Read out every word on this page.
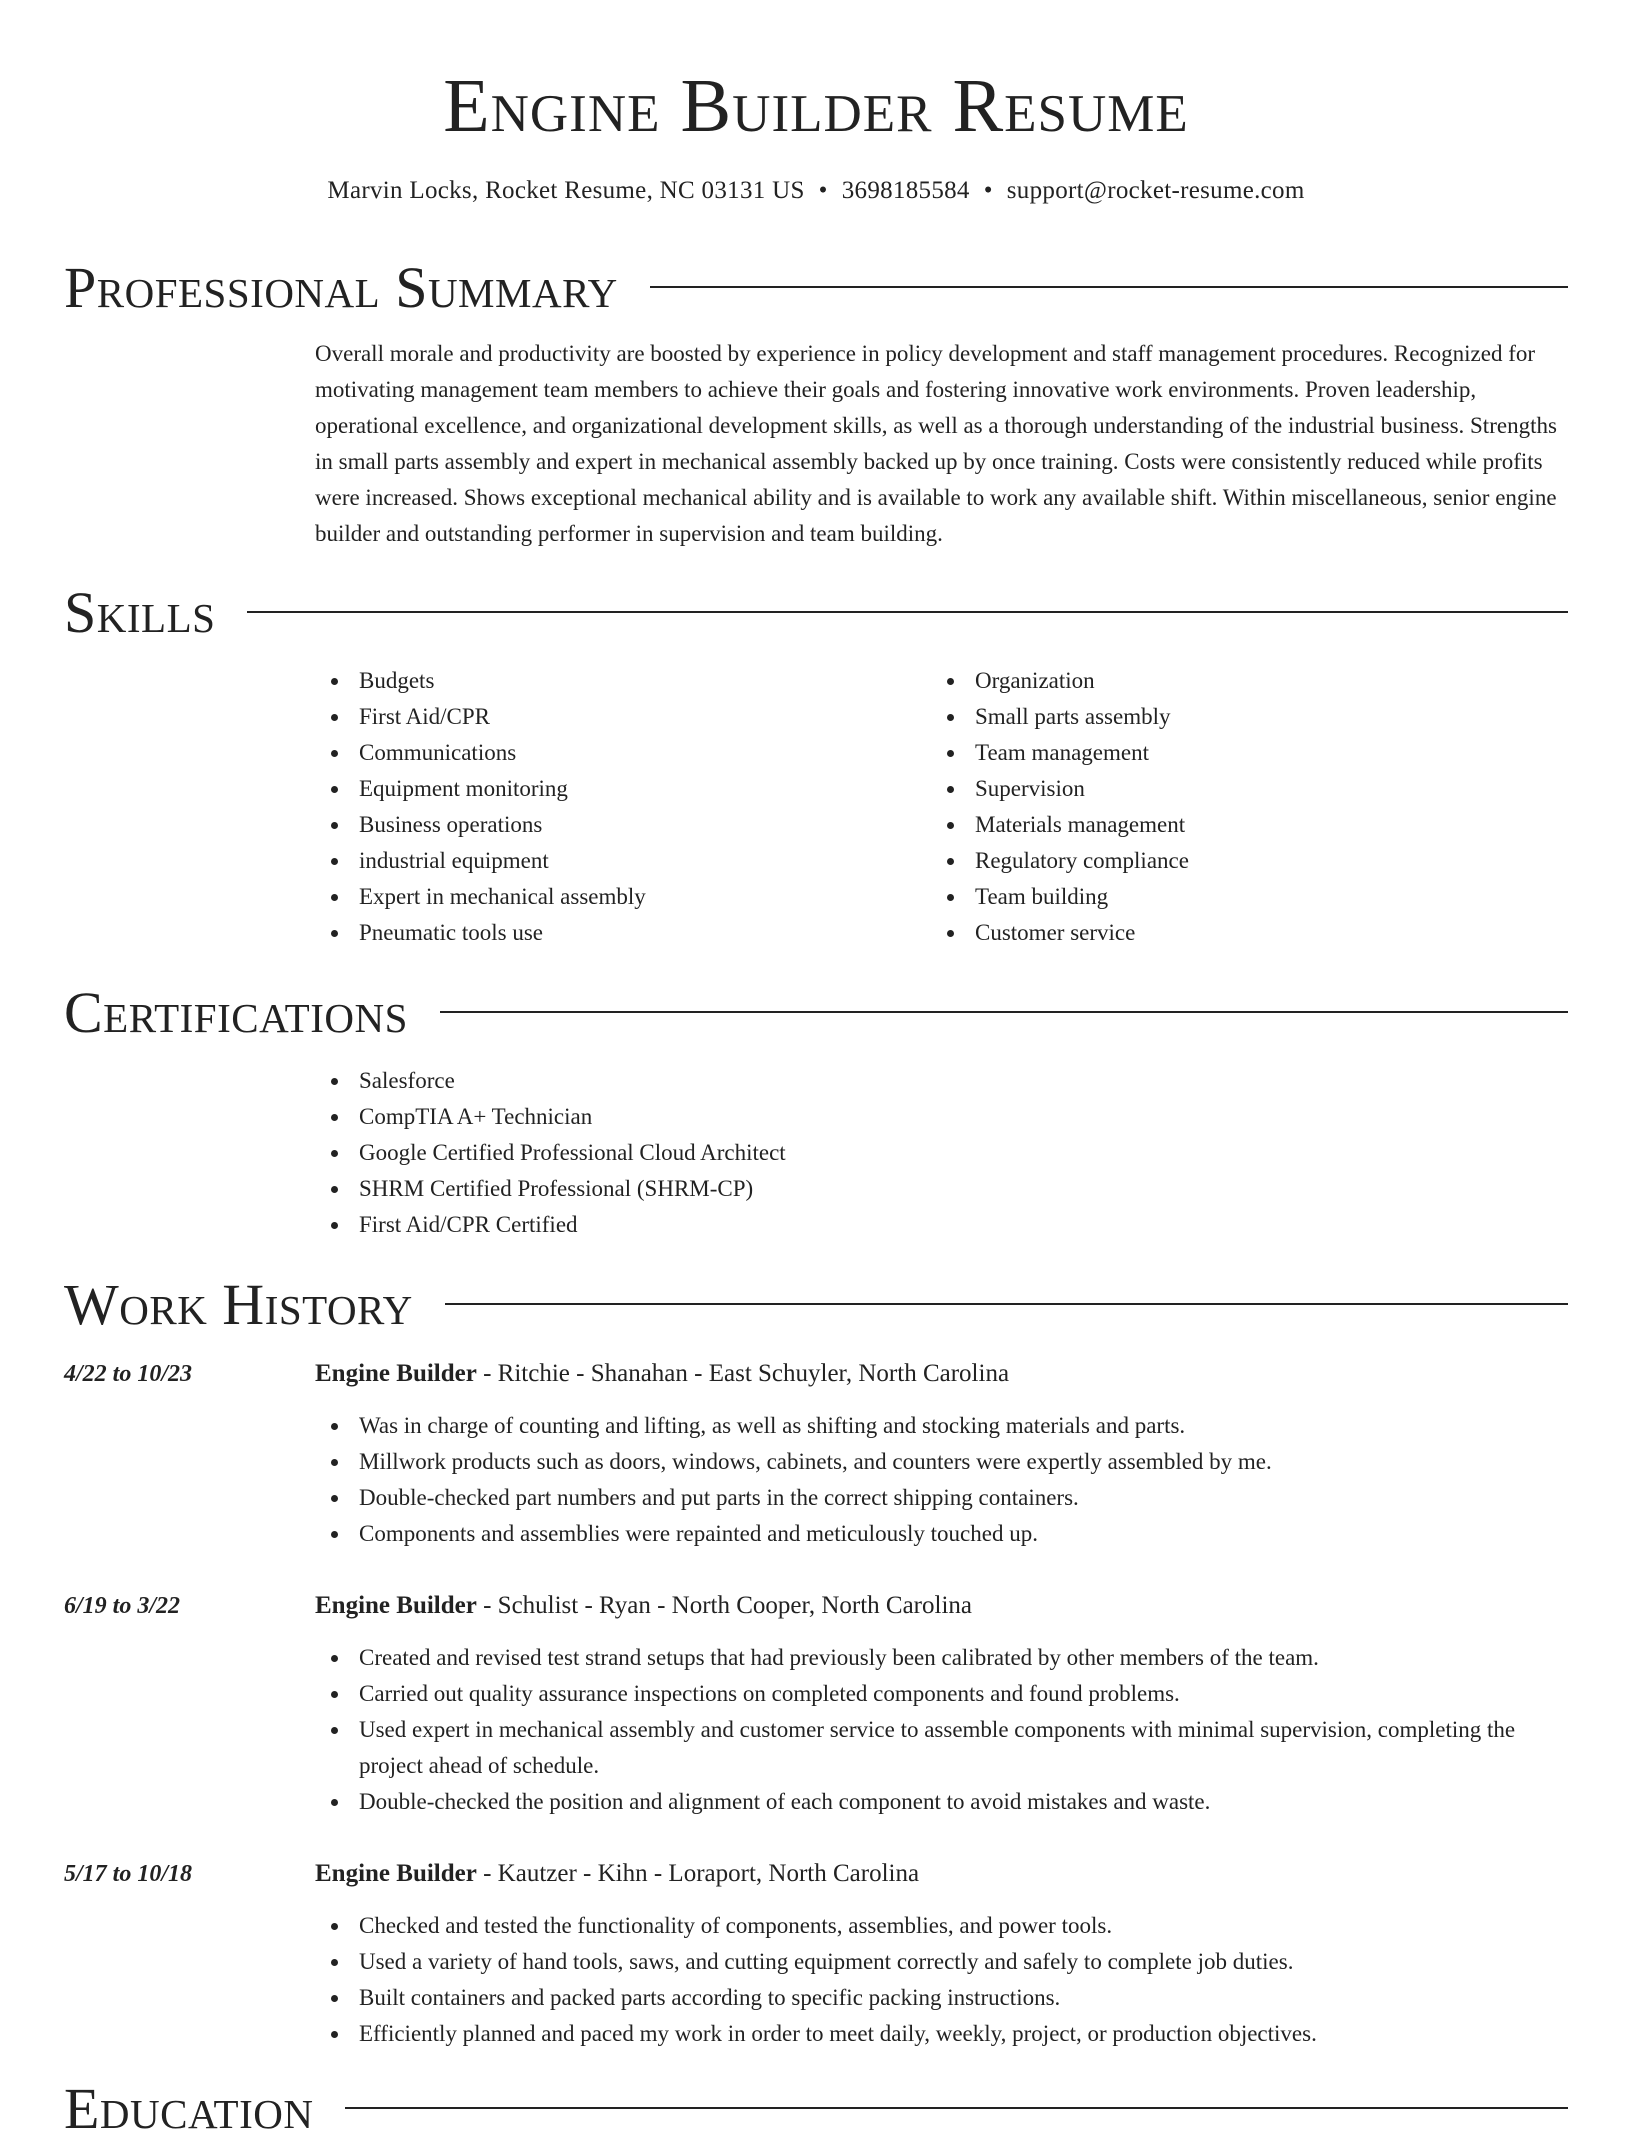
Engine Builder Resume
Marvin Locks, Rocket Resume, NC 03131 US • 3698185584 • support@rocket-resume.com
Professional Summary

Overall morale and productivity are boosted by experience in policy development and staff management procedures. Recognized for motivating management team members to achieve their goals and fostering innovative work environments. Proven leadership, operational excellence, and organizational development skills, as well as a thorough understanding of the industrial business. Strengths in small parts assembly and expert in mechanical assembly backed up by once training. Costs were consistently reduced while profits were increased. Shows exceptional mechanical ability and is available to work any available shift. Within miscellaneous, senior engine builder and outstanding performer in supervision and team building.

Skills
Budgets
First Aid/CPR
Communications
Equipment monitoring
Business operations
industrial equipment
Expert in mechanical assembly
Pneumatic tools use
Organization
Small parts assembly
Team management
Supervision
Materials management
Regulatory compliance
Team building
Customer service
Certifications
Salesforce
CompTIA A+ Technician
Google Certified Professional Cloud Architect
SHRM Certified Professional (SHRM-CP)
First Aid/CPR Certified
Work History
4/22 to 10/23	Engine Builder - Ritchie - Shanahan - East Schuyler, North Carolina
Was in charge of counting and lifting, as well as shifting and stocking materials and parts.
Millwork products such as doors, windows, cabinets, and counters were expertly assembled by me.
Double-checked part numbers and put parts in the correct shipping containers.
Components and assemblies were repainted and meticulously touched up.
6/19 to 3/22	Engine Builder - Schulist - Ryan - North Cooper, North Carolina
Created and revised test strand setups that had previously been calibrated by other members of the team.
Carried out quality assurance inspections on completed components and found problems.
Used expert in mechanical assembly and customer service to assemble components with minimal supervision, completing the project ahead of schedule.
Double-checked the position and alignment of each component to avoid mistakes and waste.
5/17 to 10/18	Engine Builder - Kautzer - Kihn - Loraport, North Carolina
Checked and tested the functionality of components, assemblies, and power tools.
Used a variety of hand tools, saws, and cutting equipment correctly and safely to complete job duties.
Built containers and packed parts according to specific packing instructions.
Efficiently planned and paced my work in order to meet daily, weekly, project, or production objectives.
Education
